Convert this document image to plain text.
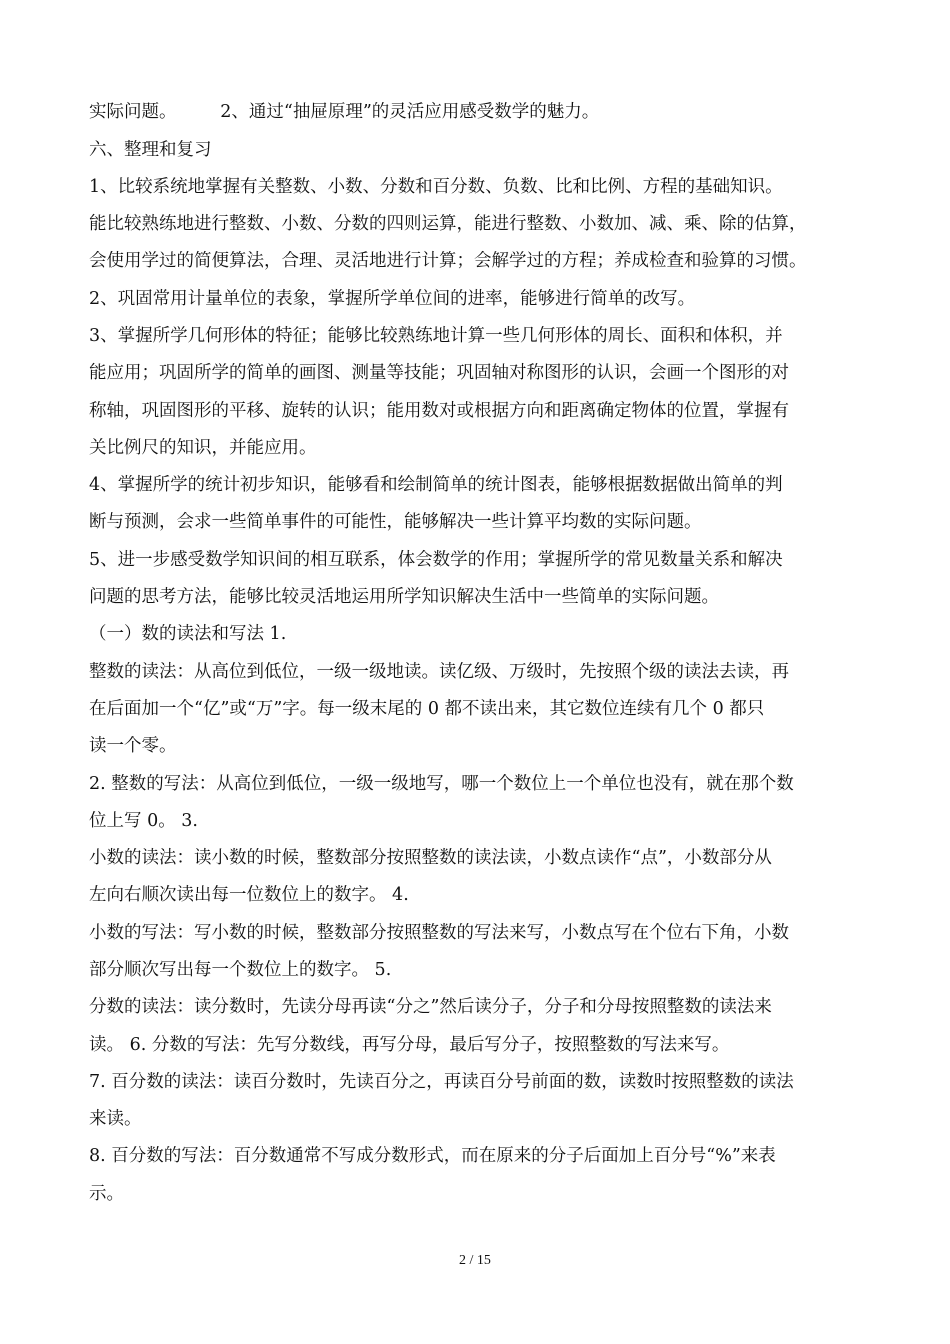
实际问题。　　　2、通过“抽屉原理”的灵活应用感受数学的魅力。
六、整理和复习
1、比较系统地掌握有关整数、小数、分数和百分数、负数、比和比例、方程的基础知识。
能比较熟练地进行整数、小数、分数的四则运算，能进行整数、小数加、减、乘、除的估算，
会使用学过的简便算法，合理、灵活地进行计算；会解学过的方程；养成检查和验算的习惯。
2、巩固常用计量单位的表象，掌握所学单位间的进率，能够进行简单的改写。
3、掌握所学几何形体的特征；能够比较熟练地计算一些几何形体的周长、面积和体积，并
能应用；巩固所学的简单的画图、测量等技能；巩固轴对称图形的认识，会画一个图形的对
称轴，巩固图形的平移、旋转的认识；能用数对或根据方向和距离确定物体的位置，掌握有
关比例尺的知识，并能应用。
4、掌握所学的统计初步知识，能够看和绘制简单的统计图表，能够根据数据做出简单的判
断与预测，会求一些简单事件的可能性，能够解决一些计算平均数的实际问题。
5、进一步感受数学知识间的相互联系，体会数学的作用；掌握所学的常见数量关系和解决
问题的思考方法，能够比较灵活地运用所学知识解决生活中一些简单的实际问题。
（一）数的读法和写法 1.
整数的读法：从高位到低位，一级一级地读。读亿级、万级时，先按照个级的读法去读，再
在后面加一个“亿”或“万”字。每一级末尾的 0 都不读出来，其它数位连续有几个 0 都只
读一个零。
2. 整数的写法：从高位到低位，一级一级地写，哪一个数位上一个单位也没有，就在那个数
位上写 0。 3.
小数的读法：读小数的时候，整数部分按照整数的读法读，小数点读作“点”，小数部分从
左向右顺次读出每一位数位上的数字。 4.
小数的写法：写小数的时候，整数部分按照整数的写法来写，小数点写在个位右下角，小数
部分顺次写出每一个数位上的数字。 5.
分数的读法：读分数时，先读分母再读“分之”然后读分子，分子和分母按照整数的读法来
读。 6. 分数的写法：先写分数线，再写分母，最后写分子，按照整数的写法来写。
7. 百分数的读法：读百分数时，先读百分之，再读百分号前面的数，读数时按照整数的读法
来读。
8. 百分数的写法：百分数通常不写成分数形式，而在原来的分子后面加上百分号“%”来表
示。
2 / 15
